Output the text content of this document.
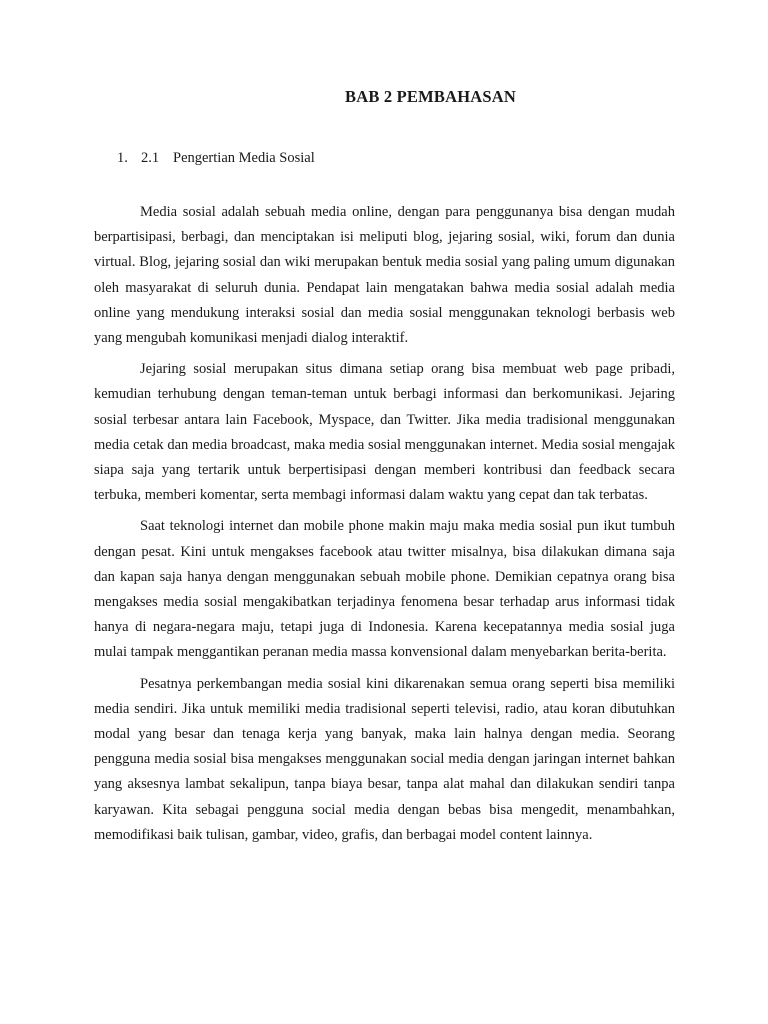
BAB 2 PEMBAHASAN
1. 2.1 Pengertian Media Sosial

Media sosial adalah sebuah media online, dengan para penggunanya bisa dengan mudah berpartisipasi, berbagi, dan menciptakan isi meliputi blog, jejaring sosial, wiki, forum dan dunia virtual. Blog, jejaring sosial dan wiki merupakan bentuk media sosial yang paling umum digunakan oleh masyarakat di seluruh dunia. Pendapat lain mengatakan bahwa media sosial adalah media online yang mendukung interaksi sosial dan media sosial menggunakan teknologi berbasis web yang mengubah komunikasi menjadi dialog interaktif.

Jejaring sosial merupakan situs dimana setiap orang bisa membuat web page pribadi, kemudian terhubung dengan teman-teman untuk berbagi informasi dan berkomunikasi. Jejaring sosial terbesar antara lain Facebook, Myspace, dan Twitter. Jika media tradisional menggunakan media cetak dan media broadcast, maka media sosial menggunakan internet. Media sosial mengajak siapa saja yang tertarik untuk berpertisipasi dengan memberi kontribusi dan feedback secara terbuka, memberi komentar, serta membagi informasi dalam waktu yang cepat dan tak terbatas.

Saat teknologi internet dan mobile phone makin maju maka media sosial pun ikut tumbuh dengan pesat. Kini untuk mengakses facebook atau twitter misalnya, bisa dilakukan dimana saja dan kapan saja hanya dengan menggunakan sebuah mobile phone. Demikian cepatnya orang bisa mengakses media sosial mengakibatkan terjadinya fenomena besar terhadap arus informasi tidak hanya di negara-negara maju, tetapi juga di Indonesia. Karena kecepatannya media sosial juga mulai tampak menggantikan peranan media massa konvensional dalam menyebarkan berita-berita.

Pesatnya perkembangan media sosial kini dikarenakan semua orang seperti bisa memiliki media sendiri. Jika untuk memiliki media tradisional seperti televisi, radio, atau koran dibutuhkan modal yang besar dan tenaga kerja yang banyak, maka lain halnya dengan media. Seorang pengguna media sosial bisa mengakses menggunakan social media dengan jaringan internet bahkan yang aksesnya lambat sekalipun, tanpa biaya besar, tanpa alat mahal dan dilakukan sendiri tanpa karyawan. Kita sebagai pengguna social media dengan bebas bisa mengedit, menambahkan, memodifikasi baik tulisan, gambar, video, grafis, dan berbagai model content lainnya.
